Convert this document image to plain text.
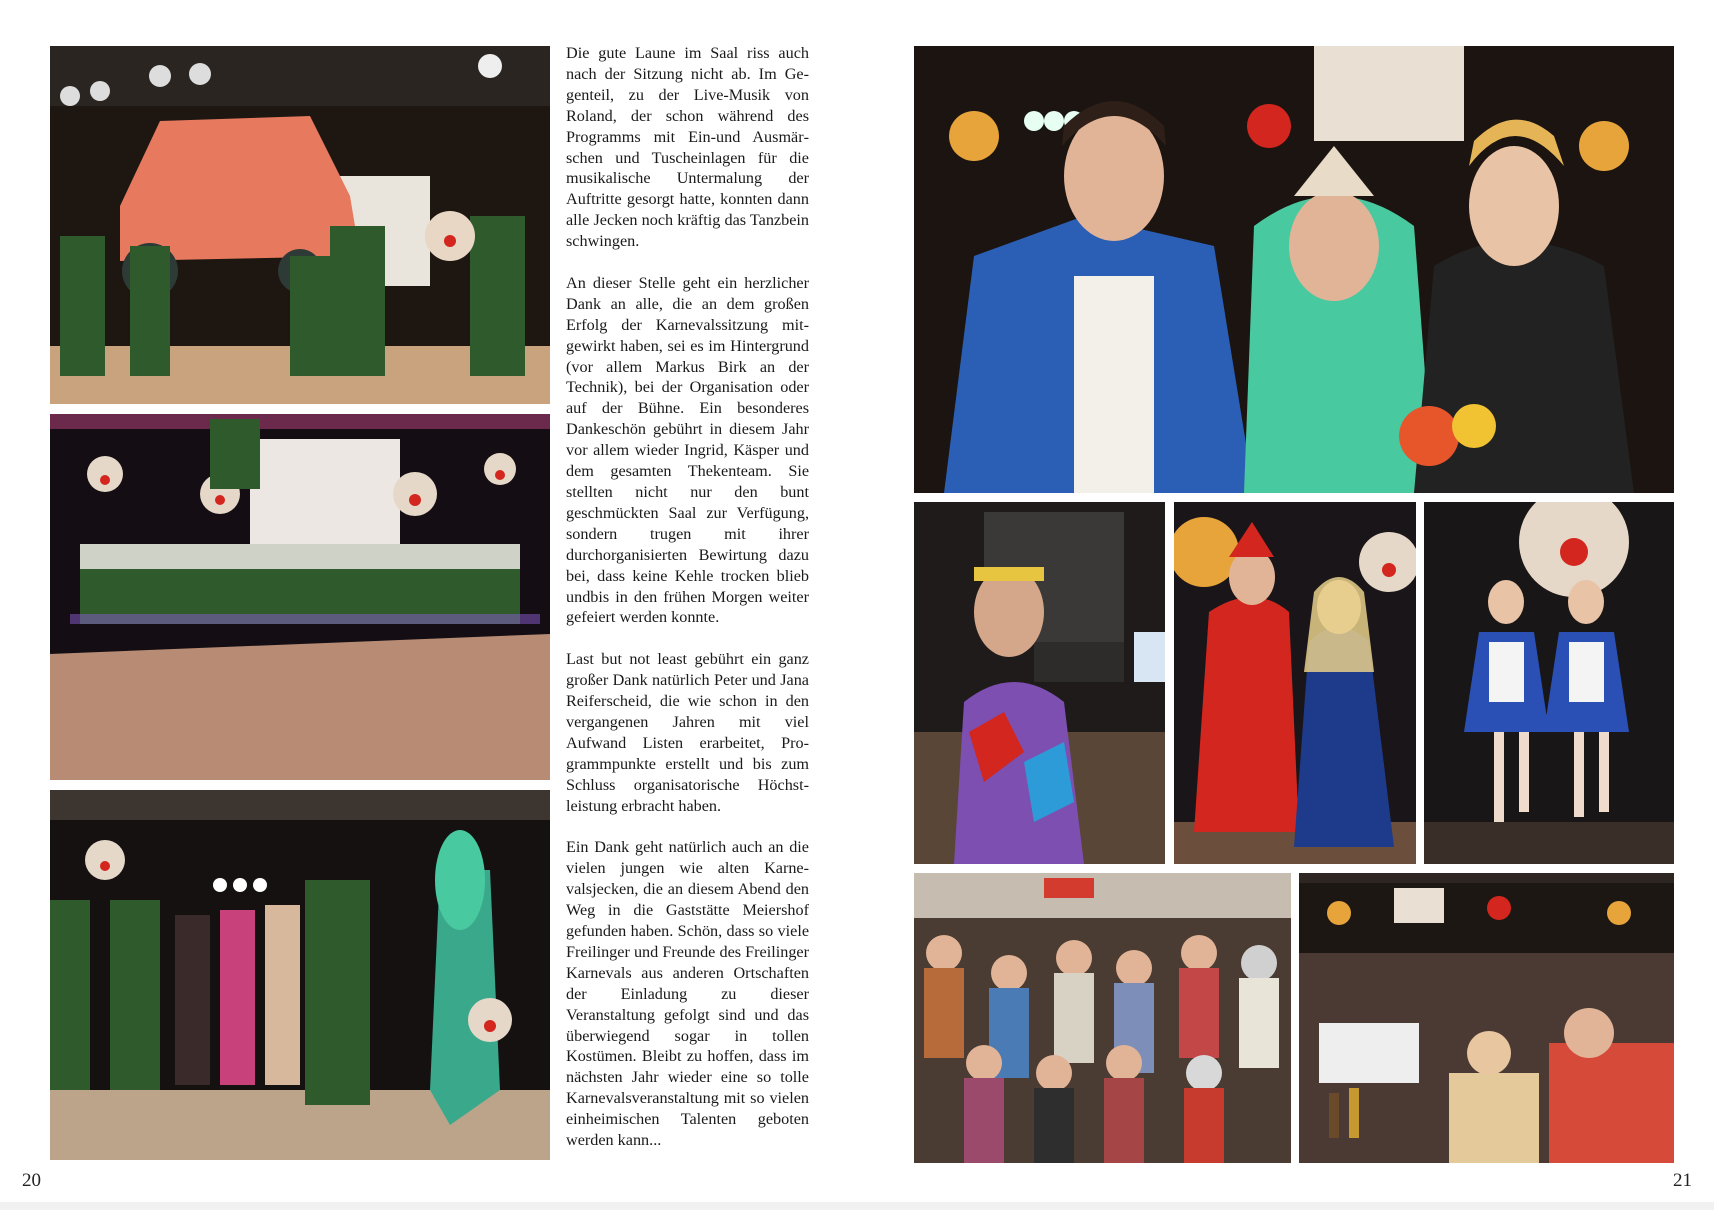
Die gute Laune im Saal riss auch nach der Sitzung nicht ab. Im Gegenteil, zu der Live-Musik von Roland, der schon während des Programms mit Ein-und Ausmärschen und Tuscheinlagen für die musikalische Untermalung der Auftritte gesorgt hatte, konnten dann alle Jecken noch kräftig das Tanzbein schwingen.

An dieser Stelle geht ein herzlicher Dank an alle, die an dem großen Erfolg der Karnevalssitzung mitgewirkt haben, sei es im Hintergrund (vor allem Markus Birk an der Technik), bei der Organisation oder auf der Bühne. Ein besonderes Dankeschön gebührt in diesem Jahr vor allem wieder Ingrid, Käsper und dem gesamten Thekenteam. Sie stellten nicht nur den bunt geschmückten Saal zur Verfügung, sondern trugen mit ihrer durchorganisierten Bewirtung dazu bei, dass keine Kehle trocken blieb undbis in den frühen Morgen weiter gefeiert werden konnte.

Last but not least gebührt ein ganz großer Dank natürlich Peter und Jana Reiferscheid, die wie schon in den vergangenen Jahren mit viel Aufwand Listen erarbeitet, Programmpunkte erstellt und bis zum Schluss organisatorische Höchstleistung erbracht haben.

Ein Dank geht natürlich auch an die vielen jungen wie alten Karnevalsjecken, die an diesem Abend den Weg in die Gaststätte Meiershof gefunden haben. Schön, dass so viele Freilinger und Freunde des Freilinger Karnevals aus anderen Ortschaften der Einladung zu dieser Veranstaltung gefolgt sind und das überwiegend sogar in tollen Kostümen. Bleibt zu hoffen, dass im nächsten Jahr wieder eine so tolle Karnevalsveranstaltung mit so vielen einheimischen Talenten geboten werden kann...

20	21
